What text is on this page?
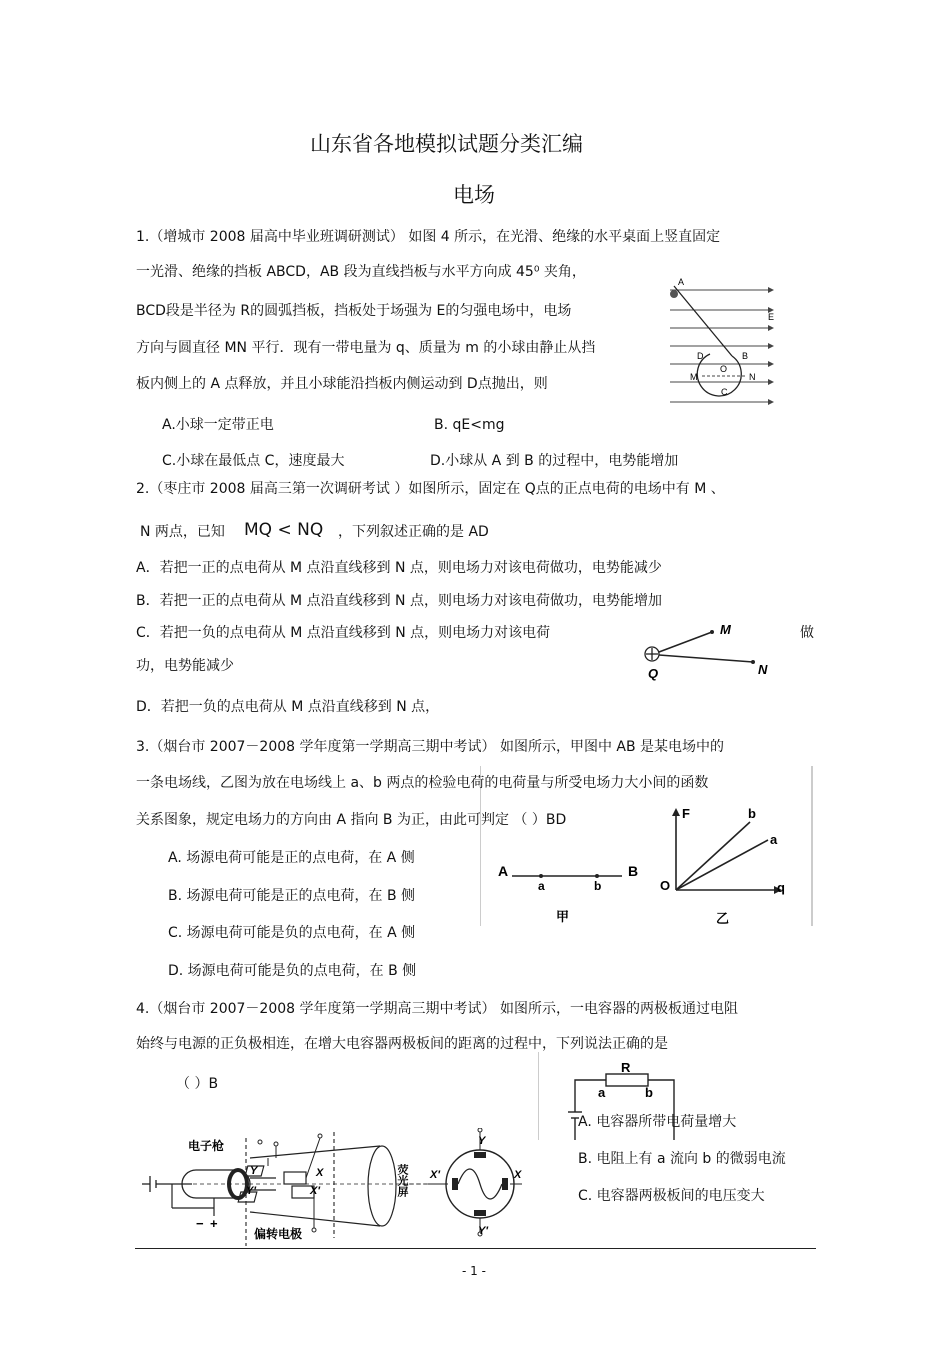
山东省各地模拟试题分类汇编
电场
1.（增城市 2008 届高中毕业班调研测试） 如图 4 所示，在光滑、绝缘的水平桌面上竖直固定
一光滑、绝缘的挡板 ABCD，AB 段为直线挡板与水平方向成 45⁰ 夹角，
BCD段是半径为 R的圆弧挡板，挡板处于场强为 E的匀强电场中，电场
方向与圆直径 MN 平行．现有一带电量为 q、质量为 m 的小球由静止从挡
板内侧上的 A 点释放，并且小球能沿挡板内侧运动到 D点抛出，则
A.小球一定带正电	B. qE<mg
C.小球在最低点 C，速度最大	D.小球从 A 到 B 的过程中，电势能增加
A
E
D	B
O
M	N
C
2.（枣庄市 2008 届高三第一次调研考试 ）如图所示，固定在 Q点的正点电荷的电场中有 M 、
N 两点，已知 MQ < NQ ，下列叙述正确的是 AD
A．若把一正的点电荷从 M 点沿直线移到 N 点，则电场力对该电荷做功，电势能减少
B．若把一正的点电荷从 M 点沿直线移到 N 点，则电场力对该电荷做功，电势能增加
C．若把一负的点电荷从 M 点沿直线移到 N 点，则电场力对该电荷	做
功，电势能减少
D．若把一负的点电荷从 M 点沿直线移到 N 点，
M
N
Q
3.（烟台市 2007－2008 学年度第一学期高三期中考试） 如图所示，甲图中 AB 是某电场中的
一条电场线，乙图为放在电场线上 a、b 两点的检验电荷的电荷量与所受电场力大小间的函数
关系图象，规定电场力的方向由 A 指向 B 为正，由此可判定 （ ）BD
A. 场源电荷可能是正的点电荷，在 A 侧
B. 场源电荷可能是正的点电荷，在 B 侧
C. 场源电荷可能是负的点电荷，在 A 侧
D. 场源电荷可能是负的点电荷，在 B 侧
A
a	b
B
甲
F
O	q
b
a
乙
4.（烟台市 2007－2008 学年度第一学期高三期中考试） 如图所示，一电容器的两极板通过电阻
始终与电源的正负极相连，在增大电容器两极板间的距离的过程中，下列说法正确的是
（ ）B
R
a	b
A. 电容器所带电荷量增大
B. 电阻上有 a 流向 b 的微弱电流
C. 电容器两极板间的电压变大
电子枪
Y
Y′
X
X′	荧光屏
− +
偏转电极
Y
X′	X
Y′
- 1 -
